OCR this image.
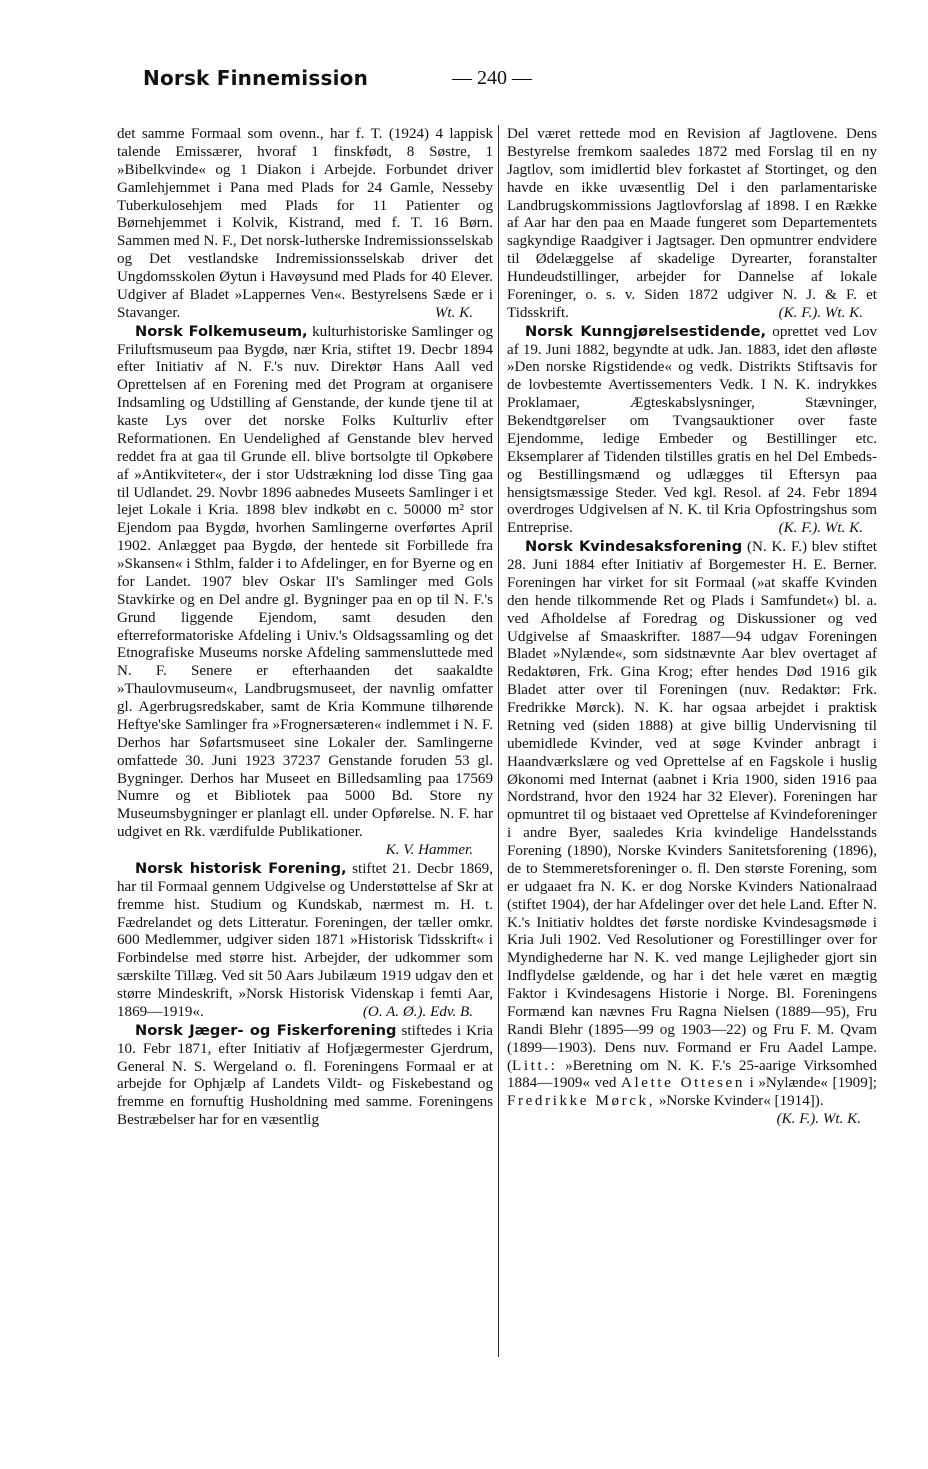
Norsk Finnemission	— 240 —

det samme Formaal som ovenn., har f. T. (1924) 4 lappisk talende Emissærer, hvoraf 1 finskfødt, 8 Søstre, 1 »Bibelkvinde« og 1 Diakon i Arbejde. Forbundet driver Gamlehjemmet i Pana med Plads for 24 Gamle, Nesseby Tuberkulosehjem med Plads for 11 Patienter og Børnehjemmet i Kolvik, Kistrand, med f. T. 16 Børn. Sammen med N. F., Det norsk-lutherske Indremissionsselskab og Det vestlandske Indremissionsselskab driver det Ungdomsskolen Øytun i Havøysund med Plads for 40 Elever. Udgiver af Bladet »Lappernes Ven«. Bestyrelsens Sæde er i Stavanger.	Wt. K.

Norsk Folkemuseum, kulturhistoriske Samlinger og Friluftsmuseum paa Bygdø, nær Kria, stiftet 19. Decbr 1894 efter Initiativ af N. F.'s nuv. Direktør Hans Aall ved Oprettelsen af en Forening med det Program at organisere Indsamling og Udstilling af Genstande, der kunde tjene til at kaste Lys over det norske Folks Kulturliv efter Reformationen. En Uendelighed af Genstande blev herved reddet fra at gaa til Grunde ell. blive bortsolgte til Opkøbere af »Antikviteter«, der i stor Udstrækning lod disse Ting gaa til Udlandet. 29. Novbr 1896 aabnedes Museets Samlinger i et lejet Lokale i Kria. 1898 blev indkøbt en c. 50000 m² stor Ejendom paa Bygdø, hvorhen Samlingerne overførtes April 1902. Anlægget paa Bygdø, der hentede sit Forbillede fra »Skansen« i Sthlm, falder i to Afdelinger, en for Byerne og en for Landet. 1907 blev Oskar II's Samlinger med Gols Stavkirke og en Del andre gl. Bygninger paa en op til N. F.'s Grund liggende Ejendom, samt desuden den efterreformatoriske Afdeling i Univ.'s Oldsagssamling og det Etnografiske Museums norske Afdeling sammensluttede med N. F. Senere er efterhaanden det saakaldte »Thaulovmuseum«, Landbrugsmuseet, der navnlig omfatter gl. Agerbrugsredskaber, samt de Kria Kommune tilhørende Heftye'ske Samlinger fra »Frognersæteren« indlemmet i N. F. Derhos har Søfartsmuseet sine Lokaler der. Samlingerne omfattede 30. Juni 1923 37237 Genstande foruden 53 gl. Bygninger. Derhos har Museet en Billedsamling paa 17569 Numre og et Bibliotek paa 5000 Bd. Store ny Museumsbygninger er planlagt ell. under Opførelse. N. F. har udgivet en Rk. værdifulde Publikationer.

K. V. Hammer.

Norsk historisk Forening, stiftet 21. Decbr 1869, har til Formaal gennem Udgivelse og Understøttelse af Skr at fremme hist. Studium og Kundskab, nærmest m. H. t. Fædrelandet og dets Litteratur. Foreningen, der tæller omkr. 600 Medlemmer, udgiver siden 1871 »Historisk Tidsskrift« i Forbindelse med større hist. Arbejder, der udkommer som særskilte Tillæg. Ved sit 50 Aars Jubilæum 1919 udgav den et større Mindeskrift, »Norsk Historisk Videnskap i femti Aar, 1869—1919«.	(O. A. Ø.). Edv. B.

Norsk Jæger- og Fiskerforening stiftedes i Kria 10. Febr 1871, efter Initiativ af Hofjægermester Gjerdrum, General N. S. Wergeland o. fl. Foreningens Formaal er at arbejde for Ophjælp af Landets Vildt- og Fiskebestand og fremme en fornuftig Husholdning med samme. Foreningens Bestræbelser har for en væsentlig

Del været rettede mod en Revision af Jagtlovene. Dens Bestyrelse fremkom saaledes 1872 med Forslag til en ny Jagtlov, som imidlertid blev forkastet af Stortinget, og den havde en ikke uvæsentlig Del i den parlamentariske Landbrugskommissions Jagtlovforslag af 1898. I en Række af Aar har den paa en Maade fungeret som Departementets sagkyndige Raadgiver i Jagtsager. Den opmuntrer endvidere til Ødelæggelse af skadelige Dyrearter, foranstalter Hundeudstillinger, arbejder for Dannelse af lokale Foreninger, o. s. v. Siden 1872 udgiver N. J. & F. et Tidsskrift.	(K. F.). Wt. K.

Norsk Kunngjørelsestidende, oprettet ved Lov af 19. Juni 1882, begyndte at udk. Jan. 1883, idet den afløste »Den norske Rigstidende« og vedk. Distrikts Stiftsavis for de lovbestemte Avertissementers Vedk. I N. K. indrykkes Proklamaer, Ægteskabslysninger, Stævninger, Bekendtgørelser om Tvangsauktioner over faste Ejendomme, ledige Embeder og Bestillinger etc. Eksemplarer af Tidenden tilstilles gratis en hel Del Embeds- og Bestillingsmænd og udlægges til Eftersyn paa hensigtsmæssige Steder. Ved kgl. Resol. af 24. Febr 1894 overdroges Udgivelsen af N. K. til Kria Opfostringshus som Entreprise.	(K. F.). Wt. K.

Norsk Kvindesaksforening (N. K. F.) blev stiftet 28. Juni 1884 efter Initiativ af Borgemester H. E. Berner. Foreningen har virket for sit Formaal (»at skaffe Kvinden den hende tilkommende Ret og Plads i Samfundet«) bl. a. ved Afholdelse af Foredrag og Diskussioner og ved Udgivelse af Smaaskrifter. 1887—94 udgav Foreningen Bladet »Nylænde«, som sidstnævnte Aar blev overtaget af Redaktøren, Frk. Gina Krog; efter hendes Død 1916 gik Bladet atter over til Foreningen (nuv. Redaktør: Frk. Fredrikke Mørck). N. K. har ogsaa arbejdet i praktisk Retning ved (siden 1888) at give billig Undervisning til ubemidlede Kvinder, ved at søge Kvinder anbragt i Haandværkslære og ved Oprettelse af en Fagskole i huslig Økonomi med Internat (aabnet i Kria 1900, siden 1916 paa Nordstrand, hvor den 1924 har 32 Elever). Foreningen har opmuntret til og bistaaet ved Oprettelse af Kvindeforeninger i andre Byer, saaledes Kria kvindelige Handelsstands Forening (1890), Norske Kvinders Sanitetsforening (1896), de to Stemmeretsforeninger o. fl. Den største Forening, som er udgaaet fra N. K. er dog Norske Kvinders Nationalraad (stiftet 1904), der har Afdelinger over det hele Land. Efter N. K.'s Initiativ holdtes det første nordiske Kvindesagsmøde i Kria Juli 1902. Ved Resolutioner og Forestillinger over for Myndighederne har N. K. ved mange Lejligheder gjort sin Indflydelse gældende, og har i det hele været en mægtig Faktor i Kvindesagens Historie i Norge. Bl. Foreningens Formænd kan nævnes Fru Ragna Nielsen (1889—95), Fru Randi Blehr (1895—99 og 1903—22) og Fru F. M. Qvam (1899—1903). Dens nuv. Formand er Fru Aadel Lampe. (Litt.: »Beretning om N. K. F.'s 25-aarige Virksomhed 1884—1909« ved Alette Ottesen i »Nylænde« [1909]; Fredrikke Mørck, »Norske Kvinder« [1914]).

(K. F.). Wt. K.
